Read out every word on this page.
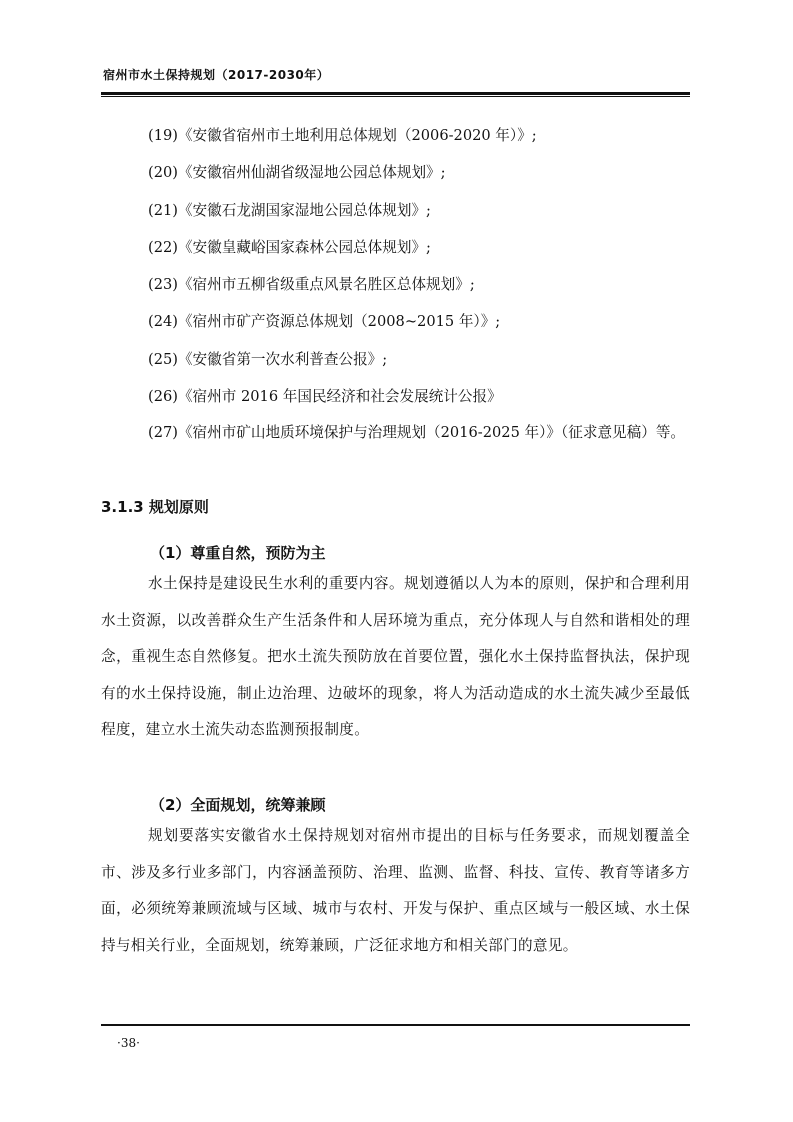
宿州市水土保持规划（2017-2030年）
(19)《安徽省宿州市土地利用总体规划（2006-2020 年）》;
(20)《安徽宿州仙湖省级湿地公园总体规划》;
(21)《安徽石龙湖国家湿地公园总体规划》;
(22)《安徽皇藏峪国家森林公园总体规划》;
(23)《宿州市五柳省级重点风景名胜区总体规划》;
(24)《宿州市矿产资源总体规划（2008~2015 年）》;
(25)《安徽省第一次水利普查公报》;
(26)《宿州市 2016 年国民经济和社会发展统计公报》
(27)《宿州市矿山地质环境保护与治理规划（2016-2025 年）》（征求意见稿）等。
3.1.3 规划原则
（1）尊重自然，预防为主
水土保持是建设民生水利的重要内容。规划遵循以人为本的原则，保护和合理利用水土资源，以改善群众生产生活条件和人居环境为重点，充分体现人与自然和谐相处的理念，重视生态自然修复。把水土流失预防放在首要位置，强化水土保持监督执法，保护现有的水土保持设施，制止边治理、边破坏的现象，将人为活动造成的水土流失减少至最低程度，建立水土流失动态监测预报制度。
（2）全面规划，统筹兼顾
规划要落实安徽省水土保持规划对宿州市提出的目标与任务要求，而规划覆盖全市、涉及多行业多部门，内容涵盖预防、治理、监测、监督、科技、宣传、教育等诸多方面，必须统筹兼顾流域与区域、城市与农村、开发与保护、重点区域与一般区域、水土保持与相关行业，全面规划，统筹兼顾，广泛征求地方和相关部门的意见。
·38·
